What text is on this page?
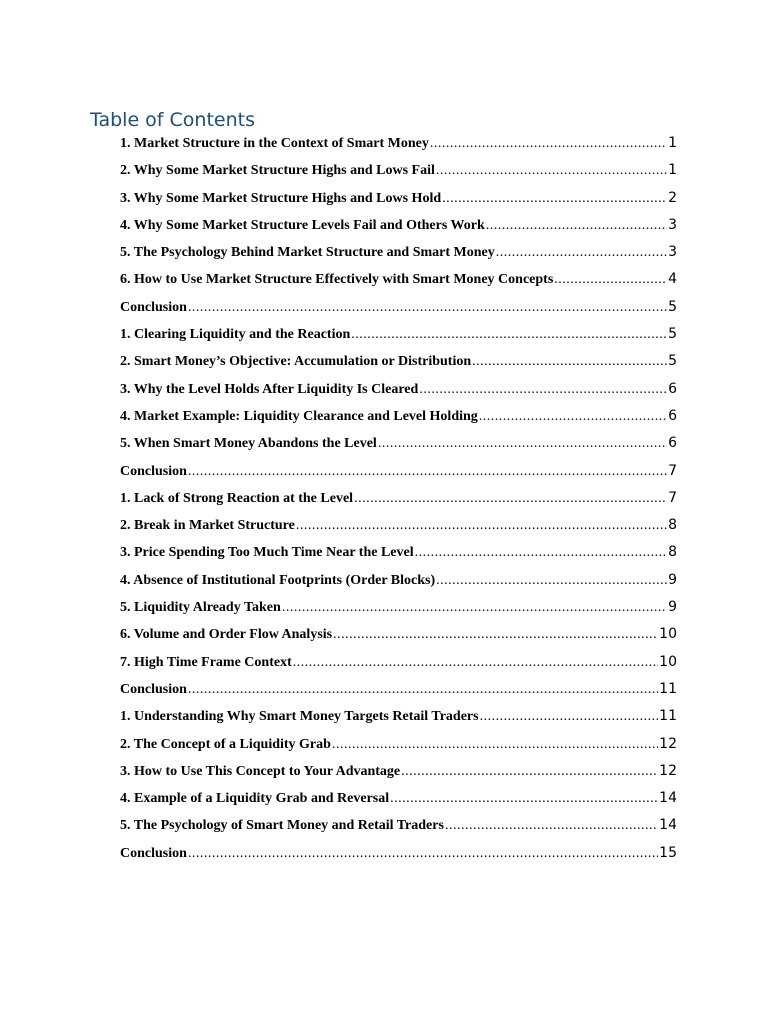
Table of Contents
1. Market Structure in the Context of Smart Money .....	1
2. Why Some Market Structure Highs and Lows Fail .....	1
3. Why Some Market Structure Highs and Lows Hold .....	2
4. Why Some Market Structure Levels Fail and Others Work .....	3
5. The Psychology Behind Market Structure and Smart Money .....	3
6. How to Use Market Structure Effectively with Smart Money Concepts .....	4
Conclusion .....	5
1. Clearing Liquidity and the Reaction .....	5
2. Smart Money’s Objective: Accumulation or Distribution .....	5
3. Why the Level Holds After Liquidity Is Cleared .....	6
4. Market Example: Liquidity Clearance and Level Holding .....	6
5. When Smart Money Abandons the Level .....	6
Conclusion .....	7
1. Lack of Strong Reaction at the Level .....	7
2. Break in Market Structure .....	8
3. Price Spending Too Much Time Near the Level .....	8
4. Absence of Institutional Footprints (Order Blocks) .....	9
5. Liquidity Already Taken .....	9
6. Volume and Order Flow Analysis .....	10
7. High Time Frame Context .....	10
Conclusion .....	11
1. Understanding Why Smart Money Targets Retail Traders .....	11
2. The Concept of a Liquidity Grab .....	12
3. How to Use This Concept to Your Advantage .....	12
4. Example of a Liquidity Grab and Reversal .....	14
5. The Psychology of Smart Money and Retail Traders .....	14
Conclusion .....	15
